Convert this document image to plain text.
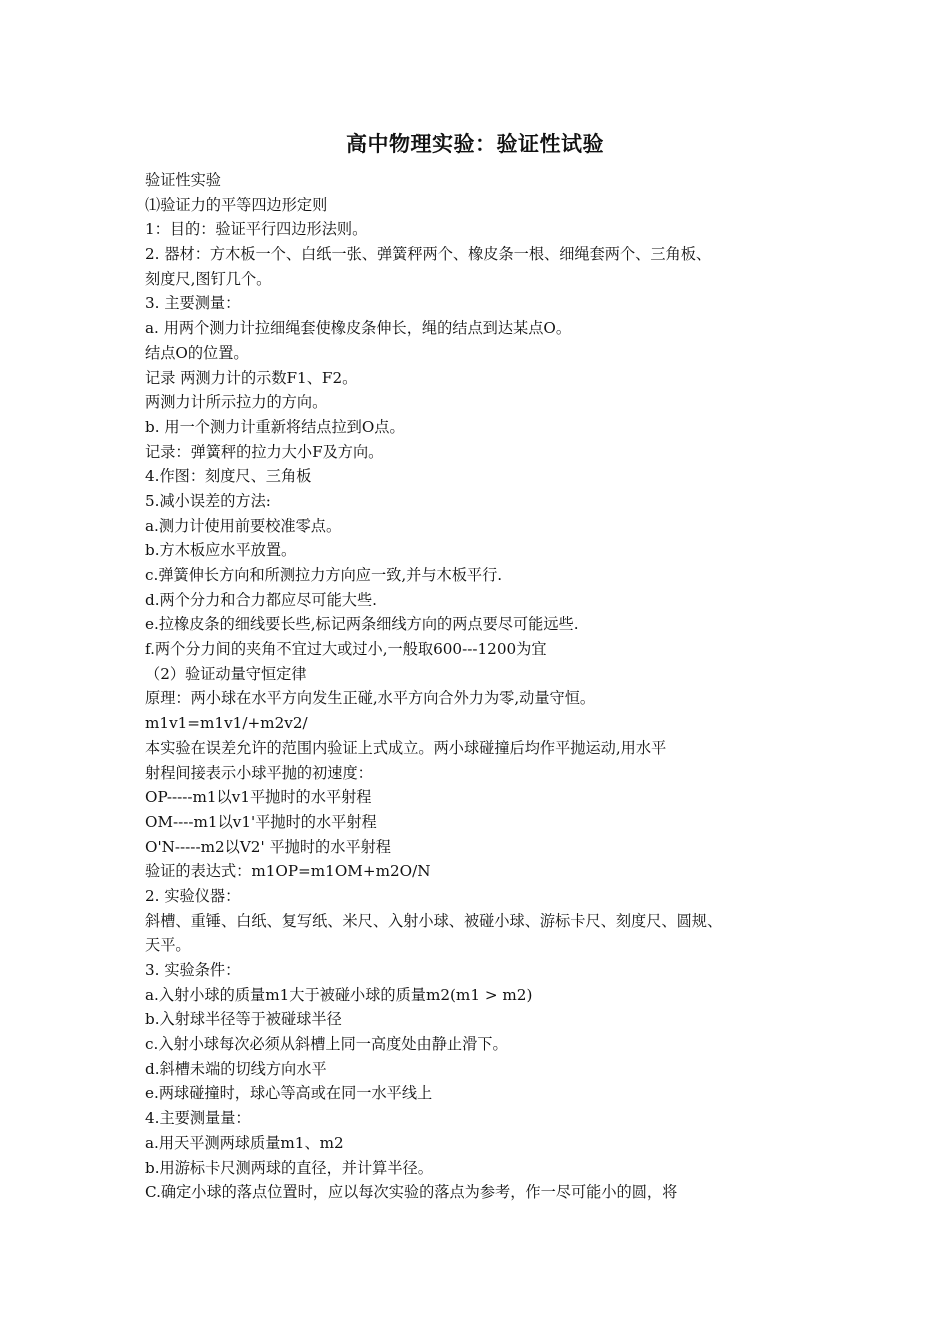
高中物理实验：验证性试验

验证性实验

⑴验证力的平等四边形定则

1：目的：验证平行四边形法则。

2. 器材：方木板一个、白纸一张、弹簧秤两个、橡皮条一根、细绳套两个、三角板、

刻度尺,图钉几个。

3. 主要测量：

a. 用两个测力计拉细绳套使橡皮条伸长，绳的结点到达某点O。

结点O的位置。

记录 两测力计的示数F1、F2。

两测力计所示拉力的方向。

b. 用一个测力计重新将结点拉到O点。

记录：弹簧秤的拉力大小F及方向。

4.作图：刻度尺、三角板

5.减小误差的方法:

a.测力计使用前要校准零点。

b.方木板应水平放置。

c.弹簧伸长方向和所测拉力方向应一致,并与木板平行.

d.两个分力和合力都应尽可能大些.

e.拉橡皮条的细线要长些,标记两条细线方向的两点要尽可能远些.

f.两个分力间的夹角不宜过大或过小,一般取600---1200为宜

（2）验证动量守恒定律

原理：两小球在水平方向发生正碰,水平方向合外力为零,动量守恒。

m1v1=m1v1/+m2v2/

本实验在误差允许的范围内验证上式成立。两小球碰撞后均作平抛运动,用水平

射程间接表示小球平抛的初速度：

OP-----m1以v1平抛时的水平射程

OM----m1以v1'平抛时的水平射程

O'N-----m2以V2' 平抛时的水平射程

验证的表达式：m1OP=m1OM+m2O/N

2. 实验仪器：

斜槽、重锤、白纸、复写纸、米尺、入射小球、被碰小球、游标卡尺、刻度尺、圆规、

天平。

3. 实验条件：

a.入射小球的质量m1大于被碰小球的质量m2(m1 > m2)

b.入射球半径等于被碰球半径

c.入射小球每次必须从斜槽上同一高度处由静止滑下。

d.斜槽未端的切线方向水平

e.两球碰撞时，球心等高或在同一水平线上

4.主要测量量：

a.用天平测两球质量m1、m2

b.用游标卡尺测两球的直径，并计算半径。

C.确定小球的落点位置时，应以每次实验的落点为参考，作一尽可能小的圆，将
